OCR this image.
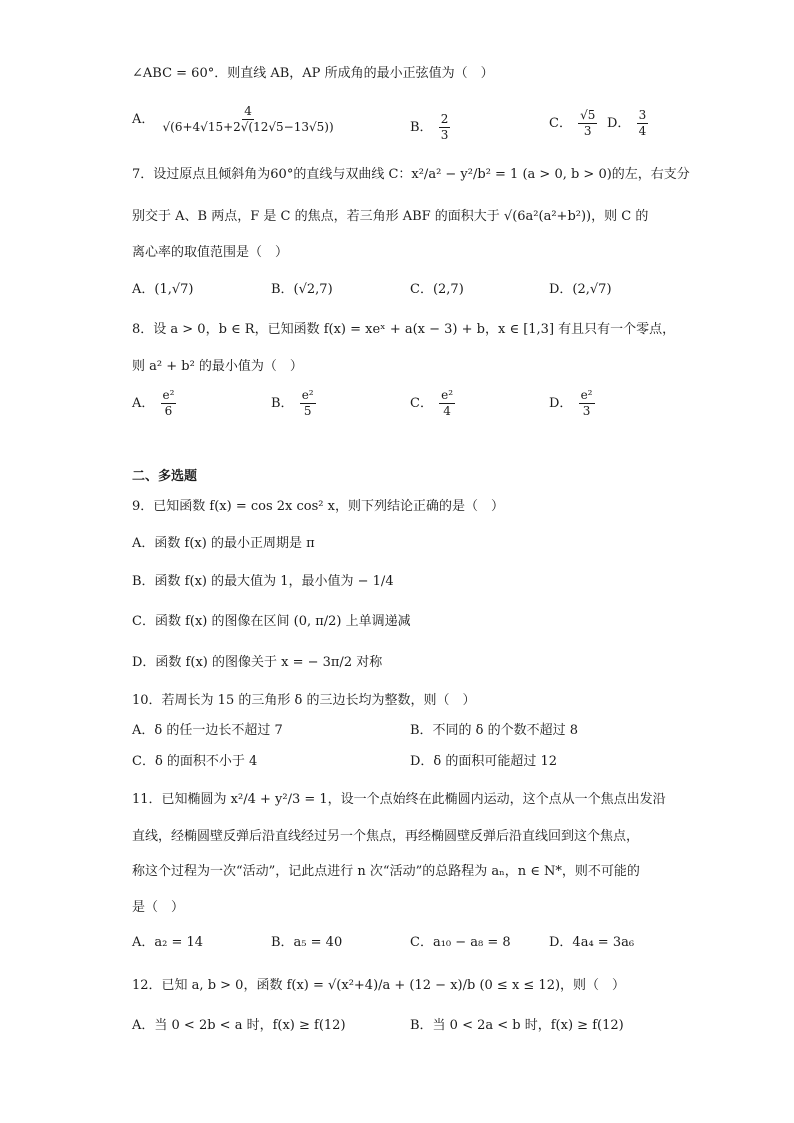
∠ABC = 60°．则直线 AB，AP 所成角的最小正弦值为（　）
A． $\frac{4}{√(6+4√15+2√(12√5-13√5))}$	B． $\frac{2}{3}$	C． $\frac{√5}{3}$ D． $\frac{3}{4}$
7．设过原点且倾斜角为60°的直线与双曲线 C：x²/a² − y²/b² = 1 (a > 0, b > 0)的左，右支分
别交于 A、B 两点，F 是 C 的焦点，若三角形 ABF 的面积大于 √(6a²(a²+b²))，则 C 的
离心率的取值范围是（　）
A．(1,√7)	B．(√2,7)	C．(2,7)	D．(2,√7)
8．设 a > 0，b ∈ R，已知函数 f(x) = xeˣ + a(x − 3) + b，x ∈ [1,3] 有且只有一个零点，
则 a² + b² 的最小值为（　）
A． $\frac{\text{e²}}{6}$	B． $\frac{\text{e²}}{5}$	C． $\frac{\text{e²}}{4}$	D． $\frac{\text{e²}}{3}$
二、多选题
9．已知函数 f(x) = cos 2x cos² x，则下列结论正确的是（　）
A．函数 f(x) 的最小正周期是 π
B．函数 f(x) 的最大值为 1，最小值为 − 1/4
C．函数 f(x) 的图像在区间 (0, π/2) 上单调递减
D．函数 f(x) 的图像关于 x = − 3π/2 对称
10．若周长为 15 的三角形 δ 的三边长均为整数，则（　）
A．δ 的任一边长不超过 7	B．不同的 δ 的个数不超过 8
C．δ 的面积不小于 4	D．δ 的面积可能超过 12
11．已知椭圆为 x²/4 + y²/3 = 1，设一个点始终在此椭圆内运动，这个点从一个焦点出发沿
直线，经椭圆壁反弹后沿直线经过另一个焦点，再经椭圆壁反弹后沿直线回到这个焦点，
称这个过程为一次“活动”，记此点进行 n 次“活动”的总路程为 aₙ，n ∈ N*，则不可能的
是（　）
A．a₂ = 14	B．a₅ = 40	C．a₁₀ − a₈ = 8	D．4a₄ = 3a₆
12．已知 a, b > 0，函数 f(x) = √(x²+4)/a + (12 − x)/b (0 ≤ x ≤ 12)，则（　）
A．当 0 < 2b < a 时，f(x) ≥ f(12)	B．当 0 < 2a < b 时，f(x) ≥ f(12)
